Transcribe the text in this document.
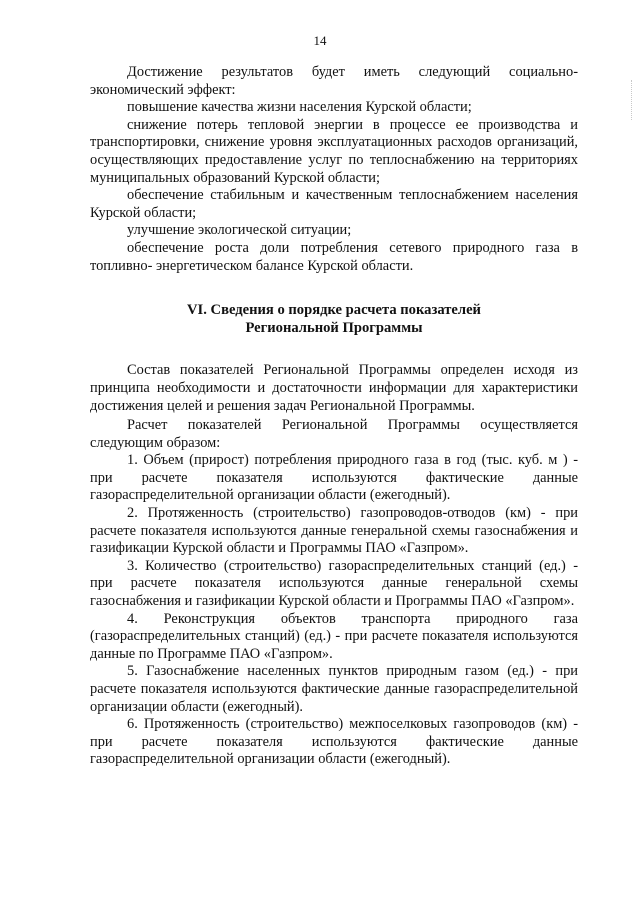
14

Достижение результатов будет иметь следующий социально-экономический эффект:

повышение качества жизни населения Курской области;

снижение потерь тепловой энергии в процессе ее производства и транспортировки, снижение уровня эксплуатационных расходов организаций, осуществляющих предоставление услуг по теплоснабжению на территориях муниципальных образований Курской области;

обеспечение стабильным и качественным теплоснабжением населения Курской области;

улучшение экологической ситуации;

обеспечение роста доли потребления сетевого природного газа в топливно- энергетическом балансе Курской области.

VI. Сведения о порядке расчета показателей
Региональной Программы

Состав показателей Региональной Программы определен исходя из принципа необходимости и достаточности информации для характеристики достижения целей и решения задач Региональной Программы.

Расчет показателей Региональной Программы осуществляется следующим образом:

1. Объем (прирост) потребления природного газа в год (тыс. куб. м ) - при расчете показателя используются фактические данные газораспределительной организации области (ежегодный).

2. Протяженность (строительство) газопроводов-отводов (км) - при расчете показателя используются данные генеральной схемы газоснабжения и газификации Курской области и Программы ПАО «Газпром».

3. Количество (строительство) газораспределительных станций (ед.) - при расчете показателя используются данные генеральной схемы газоснабжения и газификации Курской области и Программы ПАО «Газпром».

4. Реконструкция объектов транспорта природного газа (газораспределительных станций) (ед.) - при расчете показателя используются данные по Программе ПАО «Газпром».

5. Газоснабжение населенных пунктов природным газом (ед.) - при расчете показателя используются фактические данные газораспределительной организации области (ежегодный).

6. Протяженность (строительство) межпоселковых газопроводов (км) - при расчете показателя используются фактические данные газораспределительной организации области (ежегодный).
